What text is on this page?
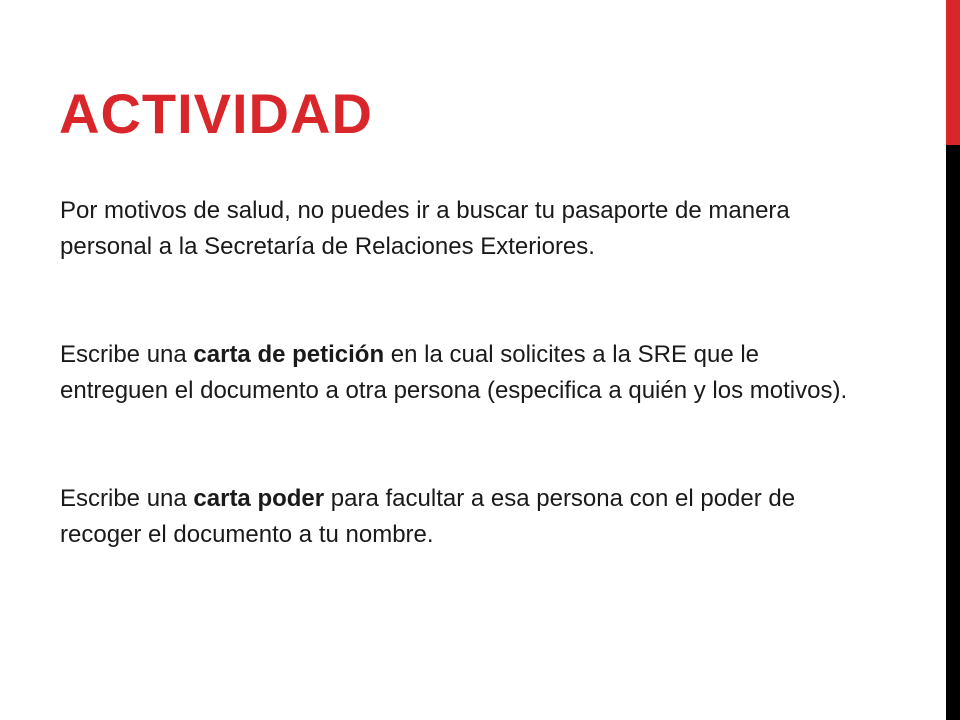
ACTIVIDAD

Por motivos de salud, no puedes ir a buscar tu pasaporte de manera personal a la Secretaría de Relaciones Exteriores.

Escribe una carta de petición en la cual solicites a la SRE que le entreguen el documento a otra persona (especifica a quién y los motivos).

Escribe una carta poder para facultar a esa persona con el poder de recoger el documento a tu nombre.
